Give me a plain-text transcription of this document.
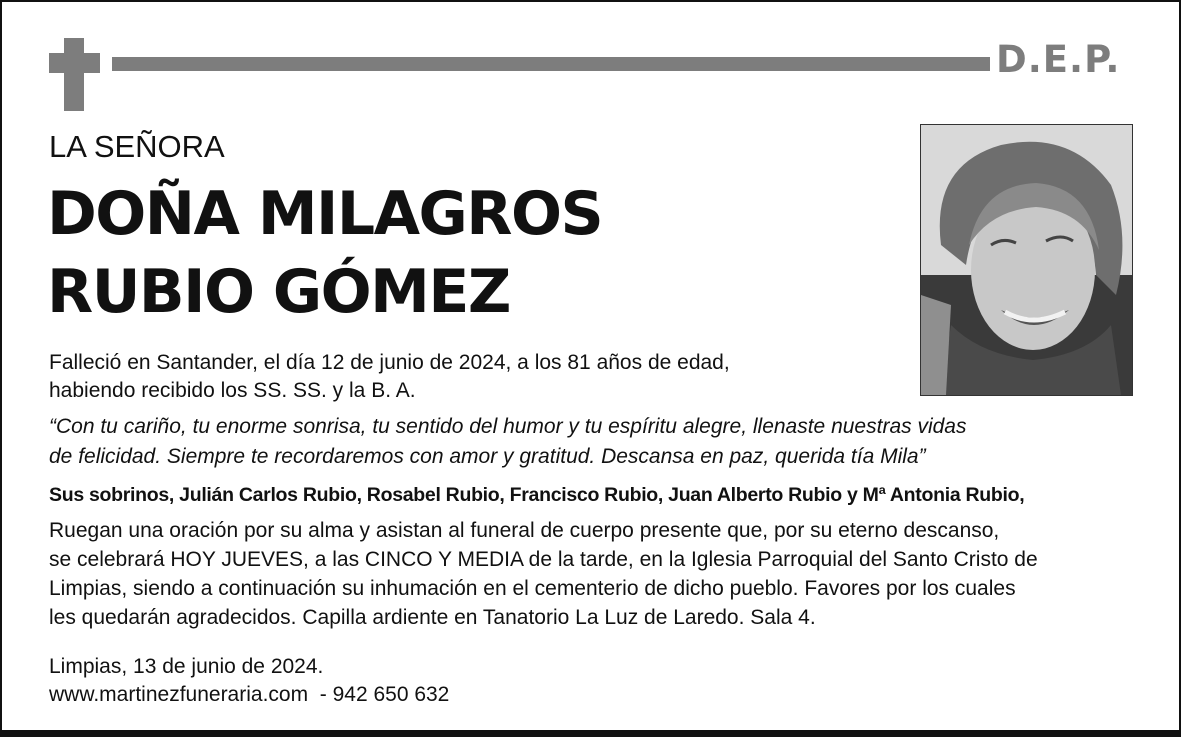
D.E.P.
LA SEÑORA
DOÑA MILAGROS
RUBIO GÓMEZ
Falleció en Santander, el día 12 de junio de 2024, a los 81 años de edad,
habiendo recibido los SS. SS. y la B. A.
“Con tu cariño, tu enorme sonrisa, tu sentido del humor y tu espíritu alegre, llenaste nuestras vidas
de felicidad. Siempre te recordaremos con amor y gratitud. Descansa en paz, querida tía Mila”
Sus sobrinos, Julián Carlos Rubio, Rosabel Rubio, Francisco Rubio, Juan Alberto Rubio y Mª Antonia Rubio,
Ruegan una oración por su alma y asistan al funeral de cuerpo presente que, por su eterno descanso,
se celebrará HOY JUEVES, a las CINCO Y MEDIA de la tarde, en la Iglesia Parroquial del Santo Cristo de
Limpias, siendo a continuación su inhumación en el cementerio de dicho pueblo. Favores por los cuales
les quedarán agradecidos. Capilla ardiente en Tanatorio La Luz de Laredo. Sala 4.
Limpias, 13 de junio de 2024.
www.martinezfuneraria.com  - 942 650 632
